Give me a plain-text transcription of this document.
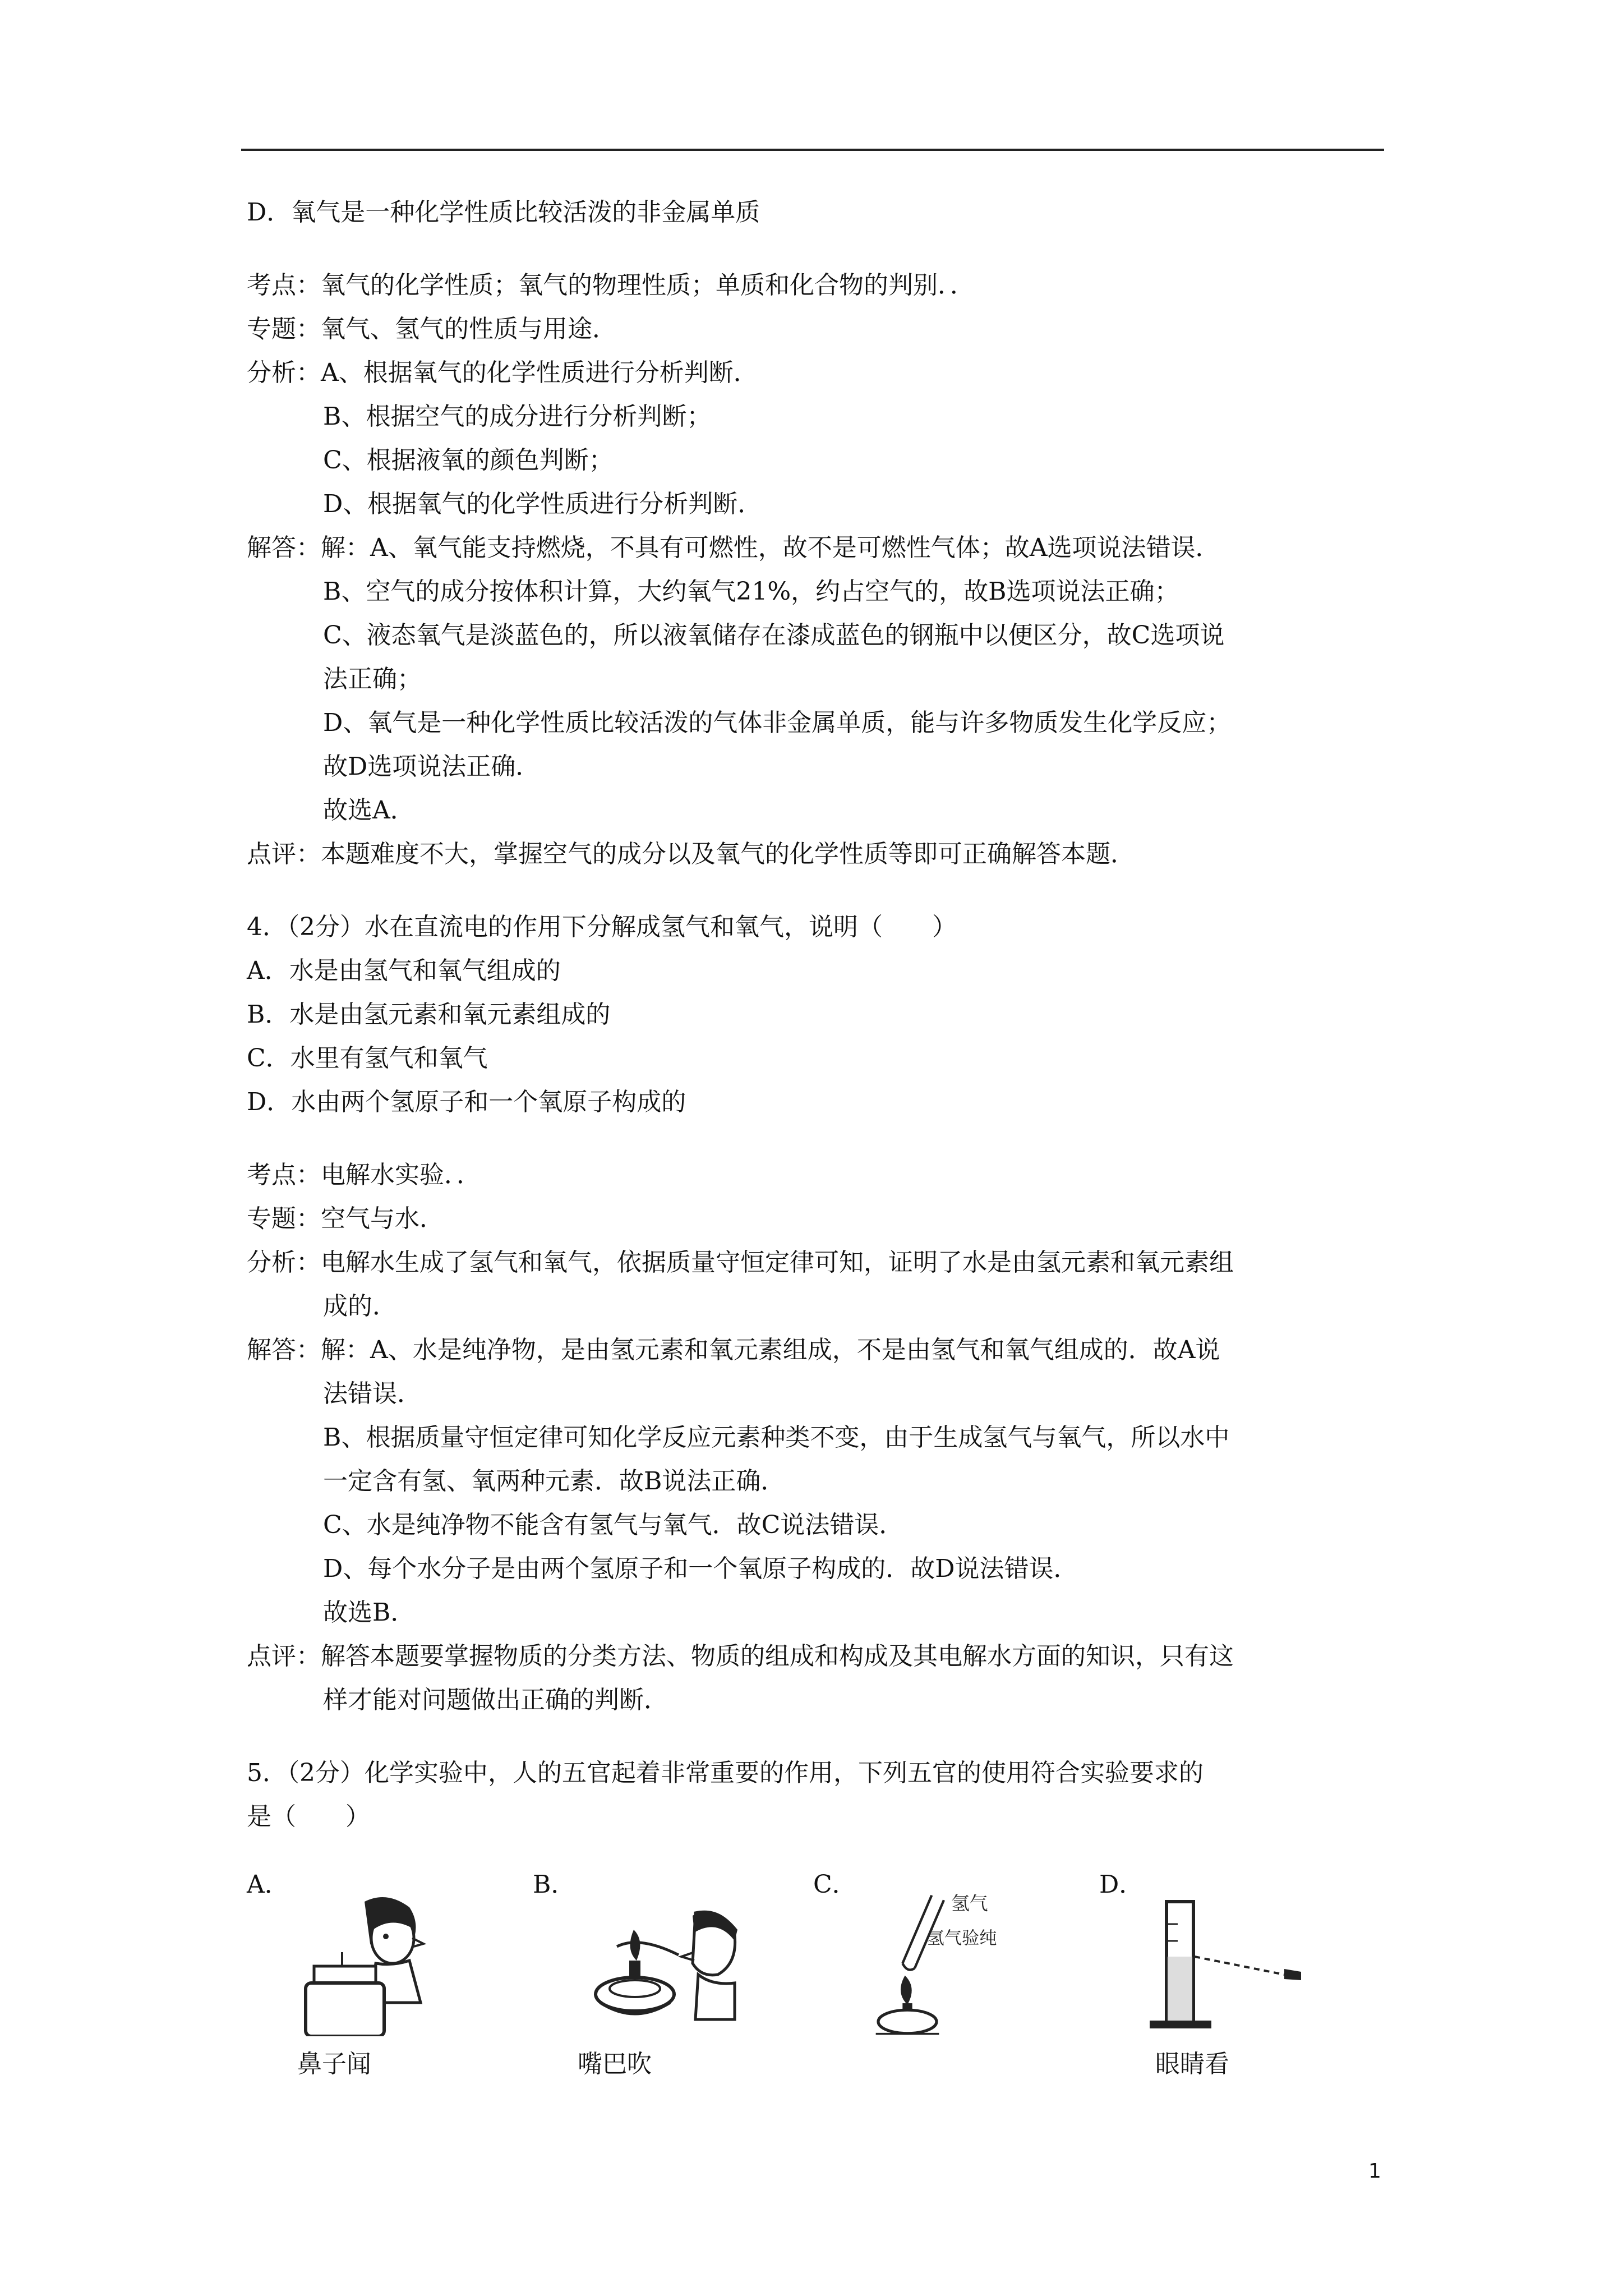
D．氧气是一种化学性质比较活泼的非金属单质
考点：氧气的化学性质；氧气的物理性质；单质和化合物的判别．．
专题：氧气、氢气的性质与用途．
分析：A、根据氧气的化学性质进行分析判断．
B、根据空气的成分进行分析判断；
C、根据液氧的颜色判断；
D、根据氧气的化学性质进行分析判断．
解答：解：A、氧气能支持燃烧，不具有可燃性，故不是可燃性气体；故A选项说法错误．
B、空气的成分按体积计算，大约氧气21%，约占空气的，故B选项说法正确；
C、液态氧气是淡蓝色的，所以液氧储存在漆成蓝色的钢瓶中以便区分，故C选项说
法正确；
D、氧气是一种化学性质比较活泼的气体非金属单质，能与许多物质发生化学反应；
故D选项说法正确．
故选A．
点评：本题难度不大，掌握空气的成分以及氧气的化学性质等即可正确解答本题．
4．（2分）水在直流电的作用下分解成氢气和氧气，说明（　　）
A．水是由氢气和氧气组成的
B．水是由氢元素和氧元素组成的
C．水里有氢气和氧气
D．水由两个氢原子和一个氧原子构成的
考点：电解水实验．．
专题：空气与水．
分析：电解水生成了氢气和氧气，依据质量守恒定律可知，证明了水是由氢元素和氧元素组
成的．
解答：解：A、水是纯净物，是由氢元素和氧元素组成，不是由氢气和氧气组成的．故A说
法错误．
B、根据质量守恒定律可知化学反应元素种类不变，由于生成氢气与氧气，所以水中
一定含有氢、氧两种元素．故B说法正确．
C、水是纯净物不能含有氢气与氧气．故C说法错误．
D、每个水分子是由两个氢原子和一个氧原子构成的．故D说法错误．
故选B．
点评：解答本题要掌握物质的分类方法、物质的组成和构成及其电解水方面的知识，只有这
样才能对问题做出正确的判断．
5．（2分）化学实验中，人的五官起着非常重要的作用，下列五官的使用符合实验要求的
是（　　）
A．
鼻子闻
B．
嘴巴吹
C．
氢气
氢气验纯
D．
眼睛看
1
